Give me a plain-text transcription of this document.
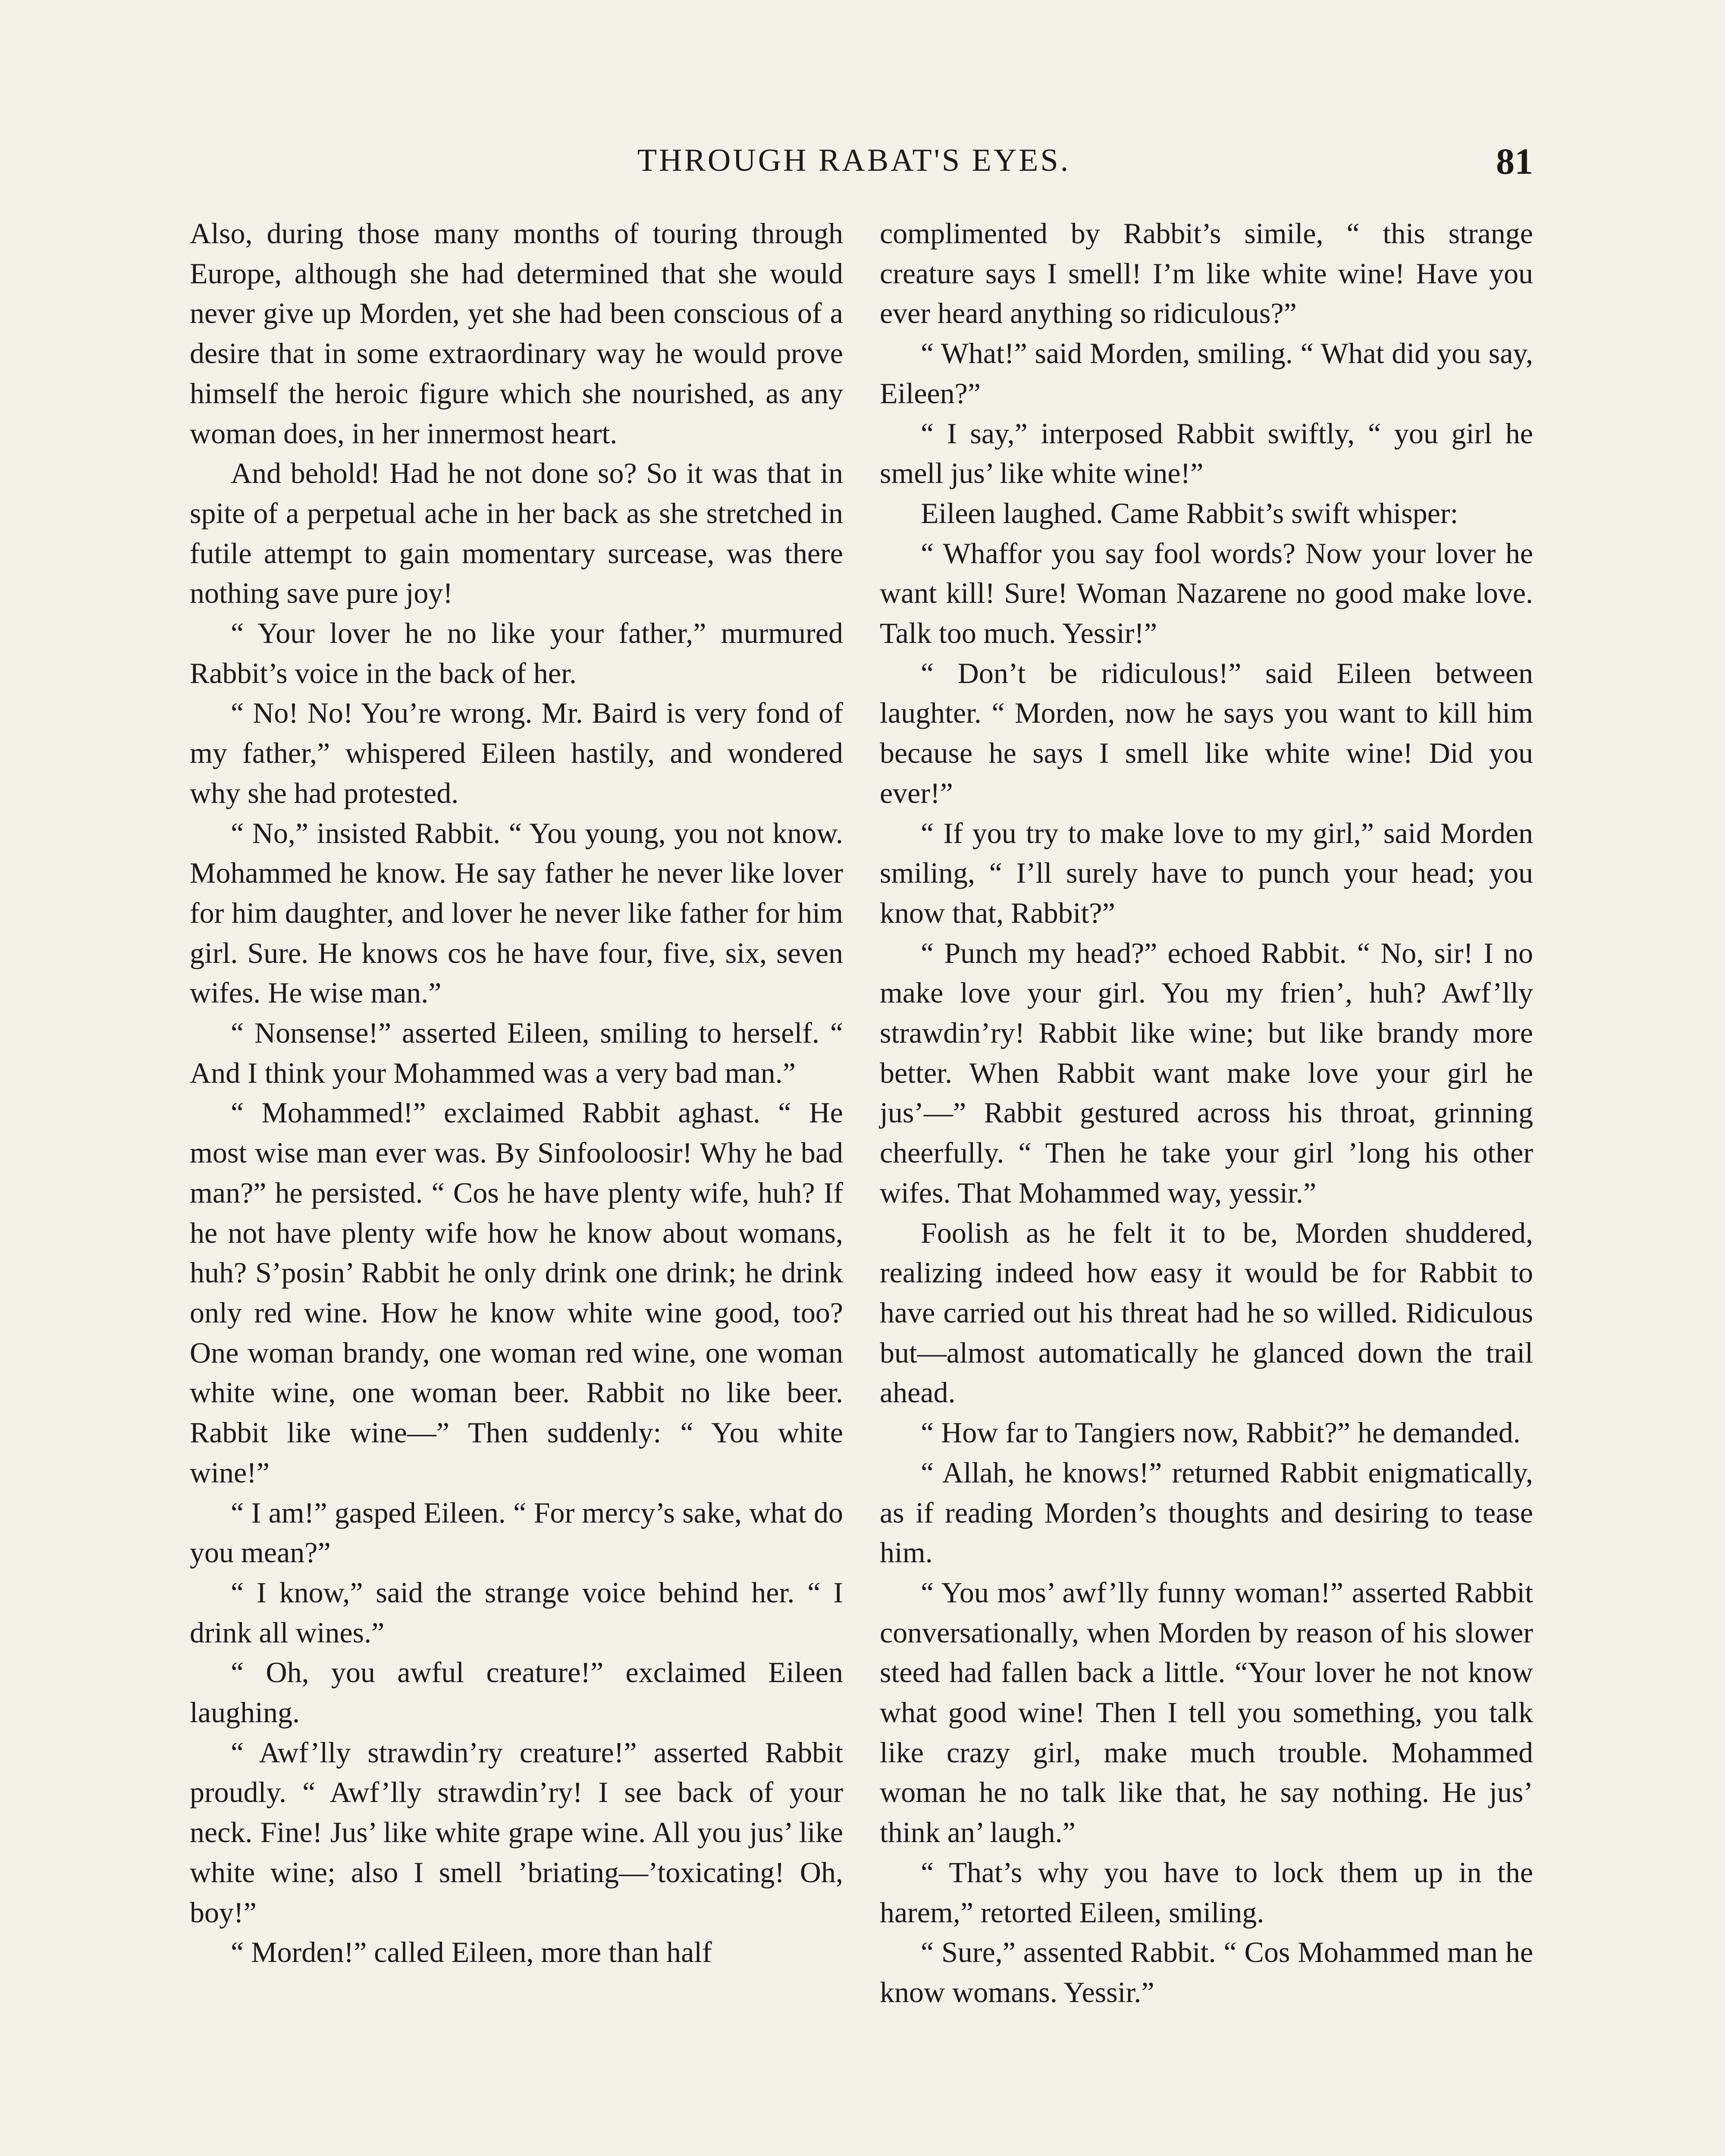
THROUGH RABAT'S EYES.	81

Also, during those many months of touring through Europe, although she had determined that she would never give up Morden, yet she had been conscious of a desire that in some extraordinary way he would prove himself the heroic figure which she nourished, as any woman does, in her innermost heart.

And behold! Had he not done so? So it was that in spite of a perpetual ache in her back as she stretched in futile attempt to gain momentary surcease, was there nothing save pure joy!

“ Your lover he no like your father,” murmured Rabbit’s voice in the back of her.

“ No! No! You’re wrong. Mr. Baird is very fond of my father,” whispered Eileen hastily, and wondered why she had protested.

“ No,” insisted Rabbit. “ You young, you not know. Mohammed he know. He say father he never like lover for him daughter, and lover he never like father for him girl. Sure. He knows cos he have four, five, six, seven wifes. He wise man.”

“ Nonsense!” asserted Eileen, smiling to herself. “ And I think your Mohammed was a very bad man.”

“ Mohammed!” exclaimed Rabbit aghast. “ He most wise man ever was. By Sinfooloosir! Why he bad man?” he persisted. “ Cos he have plenty wife, huh? If he not have plenty wife how he know about womans, huh? S’posin’ Rabbit he only drink one drink; he drink only red wine. How he know white wine good, too? One woman brandy, one woman red wine, one woman white wine, one woman beer. Rabbit no like beer. Rabbit like wine—” Then suddenly: “ You white wine!”

“ I am!” gasped Eileen. “ For mercy’s sake, what do you mean?”

“ I know,” said the strange voice behind her. “ I drink all wines.”

“ Oh, you awful creature!” exclaimed Eileen laughing.

“ Awf’lly strawdin’ry creature!” asserted Rabbit proudly. “ Awf’lly strawdin’ry! I see back of your neck. Fine! Jus’ like white grape wine. All you jus’ like white wine; also I smell ’briating—’toxicating! Oh, boy!”

“ Morden!” called Eileen, more than half

complimented by Rabbit’s simile, “ this strange creature says I smell! I’m like white wine! Have you ever heard anything so ridiculous?”

“ What!” said Morden, smiling. “ What did you say, Eileen?”

“ I say,” interposed Rabbit swiftly, “ you girl he smell jus’ like white wine!”

Eileen laughed. Came Rabbit’s swift whisper:

“ Whaffor you say fool words? Now your lover he want kill! Sure! Woman Nazarene no good make love. Talk too much. Yessir!”

“ Don’t be ridiculous!” said Eileen between laughter. “ Morden, now he says you want to kill him because he says I smell like white wine! Did you ever!”

“ If you try to make love to my girl,” said Morden smiling, “ I’ll surely have to punch your head; you know that, Rabbit?”

“ Punch my head?” echoed Rabbit. “ No, sir! I no make love your girl. You my frien’, huh? Awf’lly strawdin’ry! Rabbit like wine; but like brandy more better. When Rabbit want make love your girl he jus’—” Rabbit gestured across his throat, grinning cheerfully. “ Then he take your girl ’long his other wifes. That Mohammed way, yessir.”

Foolish as he felt it to be, Morden shuddered, realizing indeed how easy it would be for Rabbit to have carried out his threat had he so willed. Ridiculous but—almost automatically he glanced down the trail ahead.

“ How far to Tangiers now, Rabbit?” he demanded.

“ Allah, he knows!” returned Rabbit enigmatically, as if reading Morden’s thoughts and desiring to tease him.

“ You mos’ awf’lly funny woman!” asserted Rabbit conversationally, when Morden by reason of his slower steed had fallen back a little. “Your lover he not know what good wine! Then I tell you something, you talk like crazy girl, make much trouble. Mohammed woman he no talk like that, he say nothing. He jus’ think an’ laugh.”

“ That’s why you have to lock them up in the harem,” retorted Eileen, smiling.

“ Sure,” assented Rabbit. “ Cos Mohammed man he know womans. Yessir.”
